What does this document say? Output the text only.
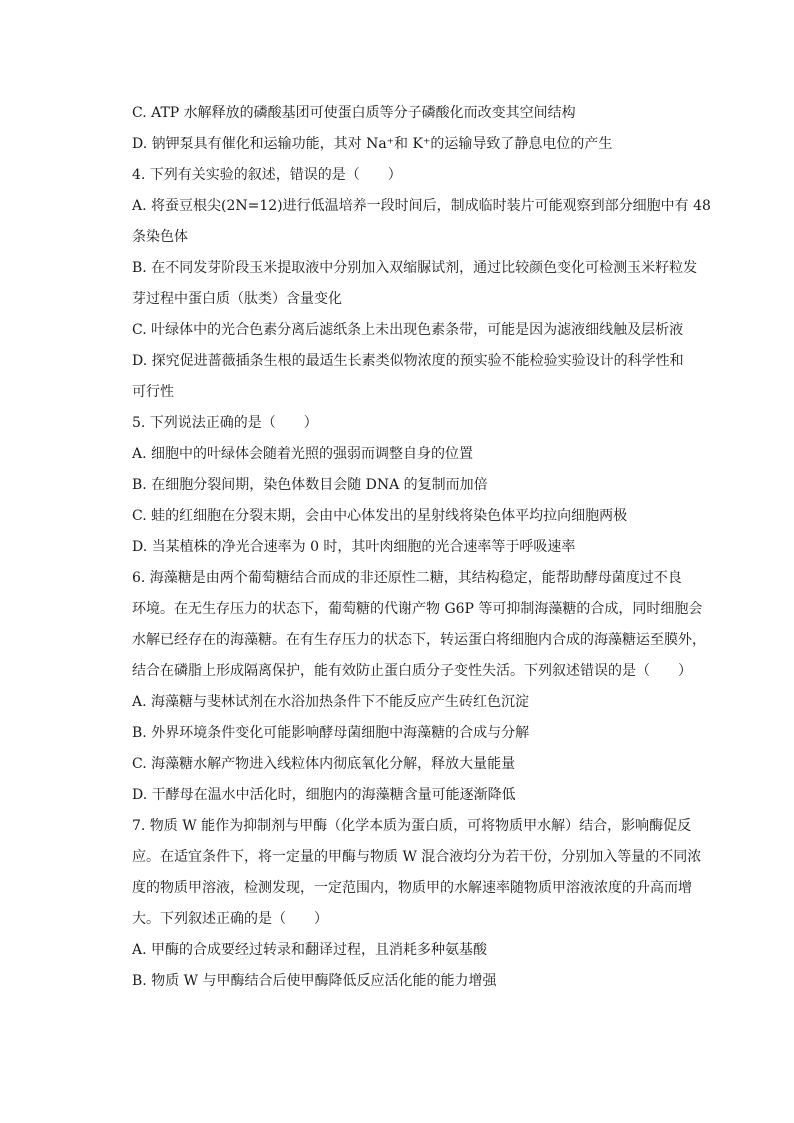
C. ATP 水解释放的磷酸基团可使蛋白质等分子磷酸化而改变其空间结构
D. 钠钾泵具有催化和运输功能，其对 Na⁺和 K⁺的运输导致了静息电位的产生
4. 下列有关实验的叙述，错误的是（　　）
A. 将蚕豆根尖(2N=12)进行低温培养一段时间后，制成临时装片可能观察到部分细胞中有 48
条染色体
B. 在不同发芽阶段玉米提取液中分别加入双缩脲试剂，通过比较颜色变化可检测玉米籽粒发
芽过程中蛋白质（肽类）含量变化
C. 叶绿体中的光合色素分离后滤纸条上未出现色素条带，可能是因为滤液细线触及层析液
D. 探究促进蔷薇插条生根的最适生长素类似物浓度的预实验不能检验实验设计的科学性和
可行性
5. 下列说法正确的是（　　）
A. 细胞中的叶绿体会随着光照的强弱而调整自身的位置
B. 在细胞分裂间期，染色体数目会随 DNA 的复制而加倍
C. 蛙的红细胞在分裂末期，会由中心体发出的星射线将染色体平均拉向细胞两极
D. 当某植株的净光合速率为 0 时，其叶肉细胞的光合速率等于呼吸速率
6. 海藻糖是由两个葡萄糖结合而成的非还原性二糖，其结构稳定，能帮助酵母菌度过不良
环境。在无生存压力的状态下，葡萄糖的代谢产物 G6P 等可抑制海藻糖的合成，同时细胞会
水解已经存在的海藻糖。在有生存压力的状态下，转运蛋白将细胞内合成的海藻糖运至膜外，
结合在磷脂上形成隔离保护，能有效防止蛋白质分子变性失活。下列叙述错误的是（　　）
A. 海藻糖与斐林试剂在水浴加热条件下不能反应产生砖红色沉淀
B. 外界环境条件变化可能影响酵母菌细胞中海藻糖的合成与分解
C. 海藻糖水解产物进入线粒体内彻底氧化分解，释放大量能量
D. 干酵母在温水中活化时，细胞内的海藻糖含量可能逐渐降低
7. 物质 W 能作为抑制剂与甲酶（化学本质为蛋白质，可将物质甲水解）结合，影响酶促反
应。在适宜条件下，将一定量的甲酶与物质 W 混合液均分为若干份，分别加入等量的不同浓
度的物质甲溶液，检测发现，一定范围内，物质甲的水解速率随物质甲溶液浓度的升高而增
大。下列叙述正确的是（　　）
A. 甲酶的合成要经过转录和翻译过程，且消耗多种氨基酸
B. 物质 W 与甲酶结合后使甲酶降低反应活化能的能力增强
